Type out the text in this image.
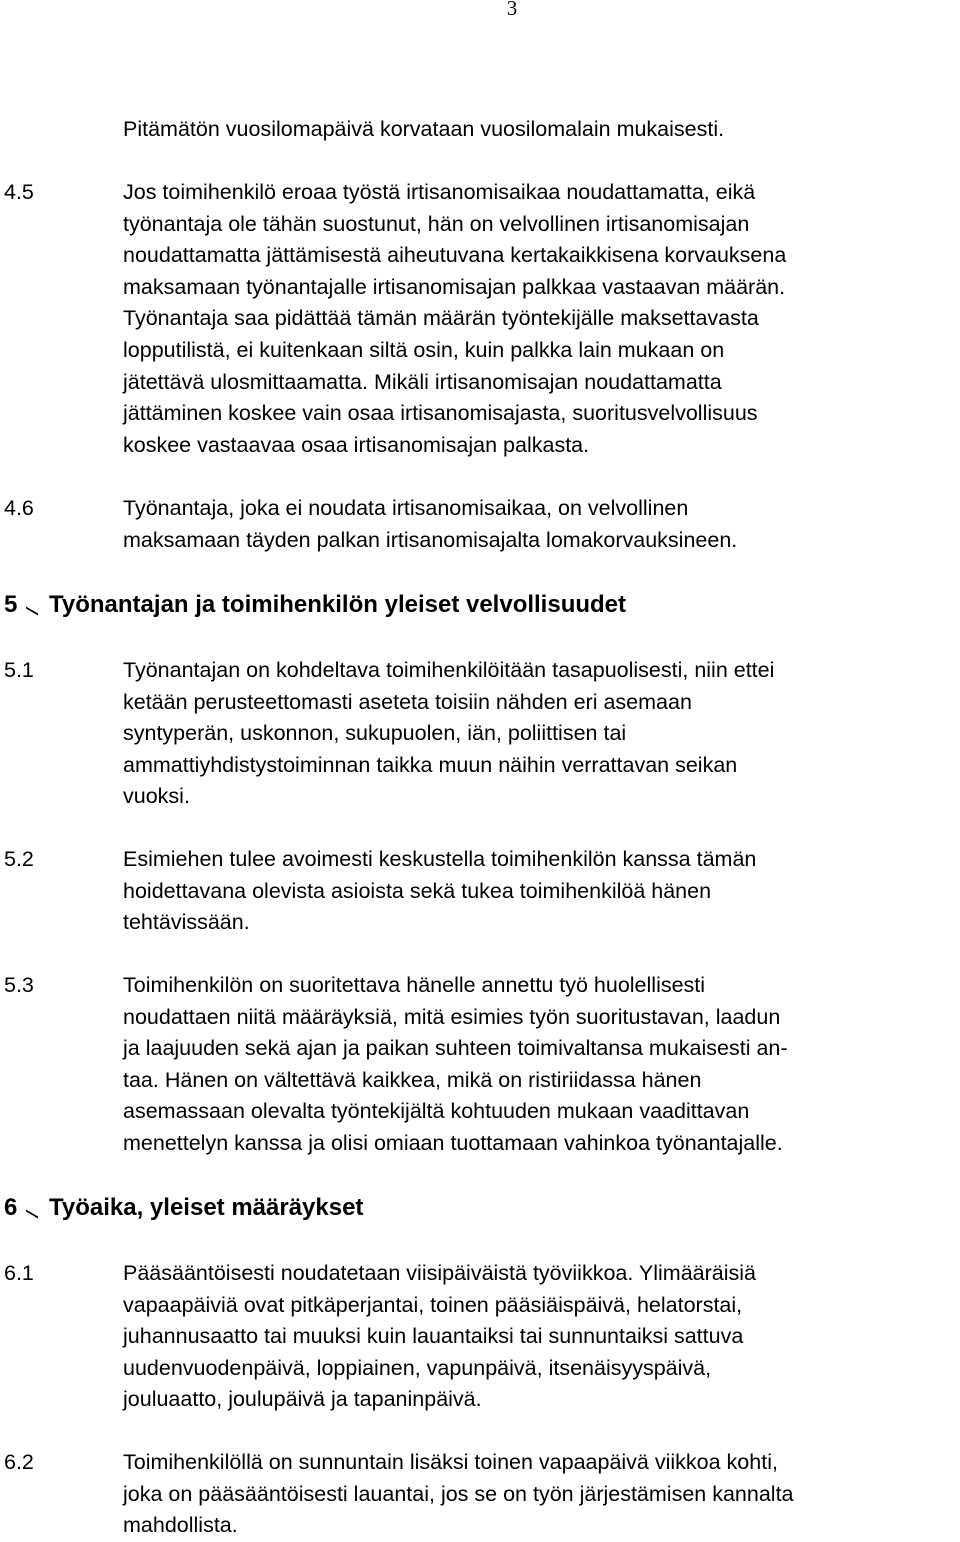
3
Pitämätön vuosilomapäivä korvataan vuosilomalain mukaisesti.
4.5	Jos toimihenkilö eroaa työstä irtisanomisaikaa noudattamatta, eikä
työnantaja ole tähän suostunut, hän on velvollinen irtisanomisajan
noudattamatta jättämisestä aiheutuvana kertakaikkisena korvauksena
maksamaan työnantajalle irtisanomisajan palkkaa vastaavan määrän.
Työnantaja saa pidättää tämän määrän työntekijälle maksettavasta
lopputilistä, ei kuitenkaan siltä osin, kuin palkka lain mukaan on
jätettävä ulosmittaamatta. Mikäli irtisanomisajan noudattamatta
jättäminen koskee vain osaa irtisanomisajasta, suoritusvelvollisuus
koskee vastaavaa osaa irtisanomisajan palkasta.
4.6	Työnantaja, joka ei noudata irtisanomisaikaa, on velvollinen
maksamaan täyden palkan irtisanomisajalta lomakorvauksineen.
5 Työnantajan ja toimihenkilön yleiset velvollisuudet
5.1	Työnantajan on kohdeltava toimihenkilöitään tasapuolisesti, niin ettei
ketään perusteettomasti aseteta toisiin nähden eri asemaan
syntyperän, uskonnon, sukupuolen, iän, poliittisen tai
ammattiyhdistystoiminnan taikka muun näihin verrattavan seikan
vuoksi.
5.2	Esimiehen tulee avoimesti keskustella toimihenkilön kanssa tämän
hoidettavana olevista asioista sekä tukea toimihenkilöä hänen
tehtävissään.
5.3	Toimihenkilön on suoritettava hänelle annettu työ huolellisesti
noudattaen niitä määräyksiä, mitä esimies työn suoritustavan, laadun
ja laajuuden sekä ajan ja paikan suhteen toimivaltansa mukaisesti an-
taa. Hänen on vältettävä kaikkea, mikä on ristiriidassa hänen
asemassaan olevalta työntekijältä kohtuuden mukaan vaadittavan
menettelyn kanssa ja olisi omiaan tuottamaan vahinkoa työnantajalle.
6 Työaika, yleiset määräykset
6.1	Pääsääntöisesti noudatetaan viisipäiväistä työviikkoa. Ylimääräisiä
vapaapäiviä ovat pitkäperjantai, toinen pääsiäispäivä, helatorstai,
juhannusaatto tai muuksi kuin lauantaiksi tai sunnuntaiksi sattuva
uudenvuodenpäivä, loppiainen, vapunpäivä, itsenäisyyspäivä,
jouluaatto, joulupäivä ja tapaninpäivä.
6.2	Toimihenkilöllä on sunnuntain lisäksi toinen vapaapäivä viikkoa kohti,
joka on pääsääntöisesti lauantai, jos se on työn järjestämisen kannalta
mahdollista.
